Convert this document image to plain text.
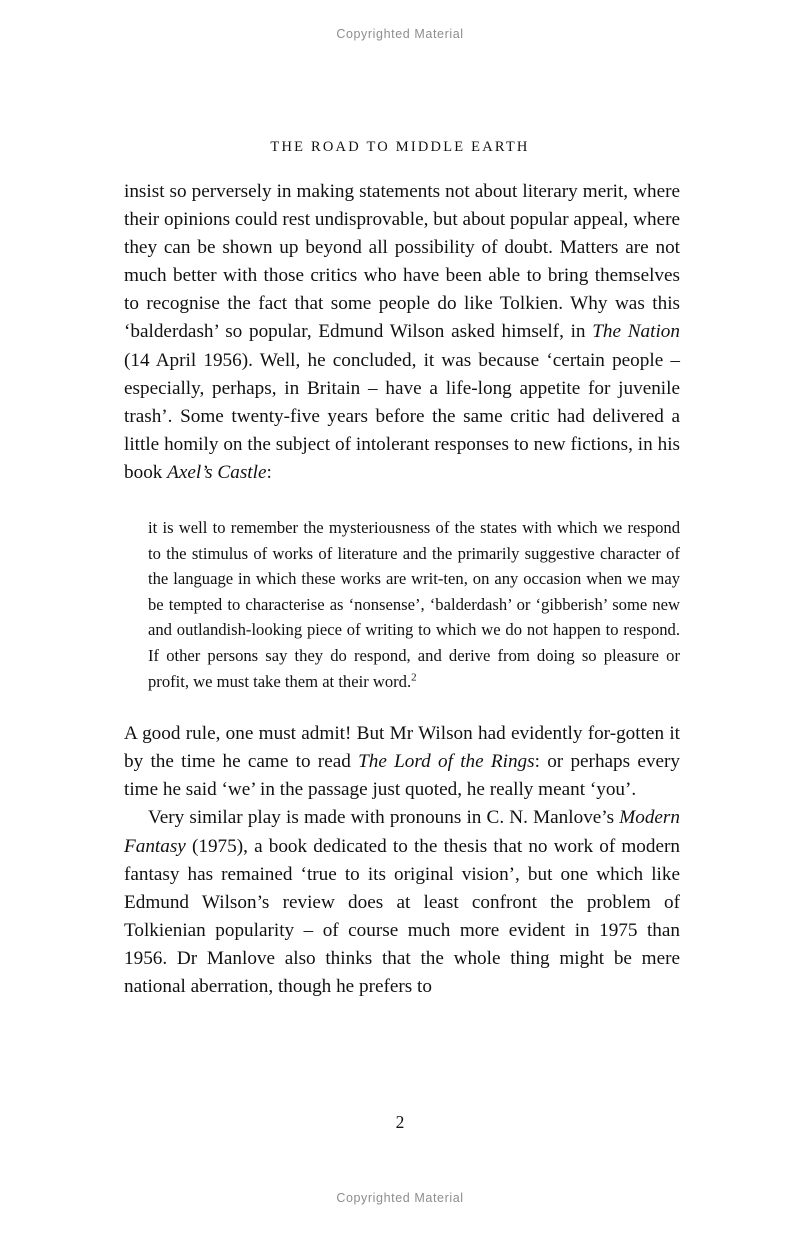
Copyrighted Material
THE ROAD TO MIDDLE EARTH

insist so perversely in making statements not about literary merit, where their opinions could rest undisprovable, but about popular appeal, where they can be shown up beyond all possibility of doubt. Matters are not much better with those critics who have been able to bring themselves to recognise the fact that some people do like Tolkien. Why was this ‘balderdash’ so popular, Edmund Wilson asked himself, in The Nation (14 April 1956). Well, he concluded, it was because ‘certain people – especially, perhaps, in Britain – have a life-long appetite for juvenile trash’. Some twenty-five years before the same critic had delivered a little homily on the subject of intolerant responses to new fictions, in his book Axel’s Castle:

it is well to remember the mysteriousness of the states with which we respond to the stimulus of works of literature and the primarily suggestive character of the language in which these works are writ-ten, on any occasion when we may be tempted to characterise as ‘nonsense’, ‘balderdash’ or ‘gibberish’ some new and outlandish-looking piece of writing to which we do not happen to respond. If other persons say they do respond, and derive from doing so pleasure or profit, we must take them at their word.$^2$

A good rule, one must admit! But Mr Wilson had evidently for-gotten it by the time he came to read The Lord of the Rings: or perhaps every time he said ‘we’ in the passage just quoted, he really meant ‘you’.

Very similar play is made with pronouns in C. N. Manlove’s Modern Fantasy (1975), a book dedicated to the thesis that no work of modern fantasy has remained ‘true to its original vision’, but one which like Edmund Wilson’s review does at least confront the problem of Tolkienian popularity – of course much more evident in 1975 than 1956. Dr Manlove also thinks that the whole thing might be mere national aberration, though he prefers to

2
Copyrighted Material
